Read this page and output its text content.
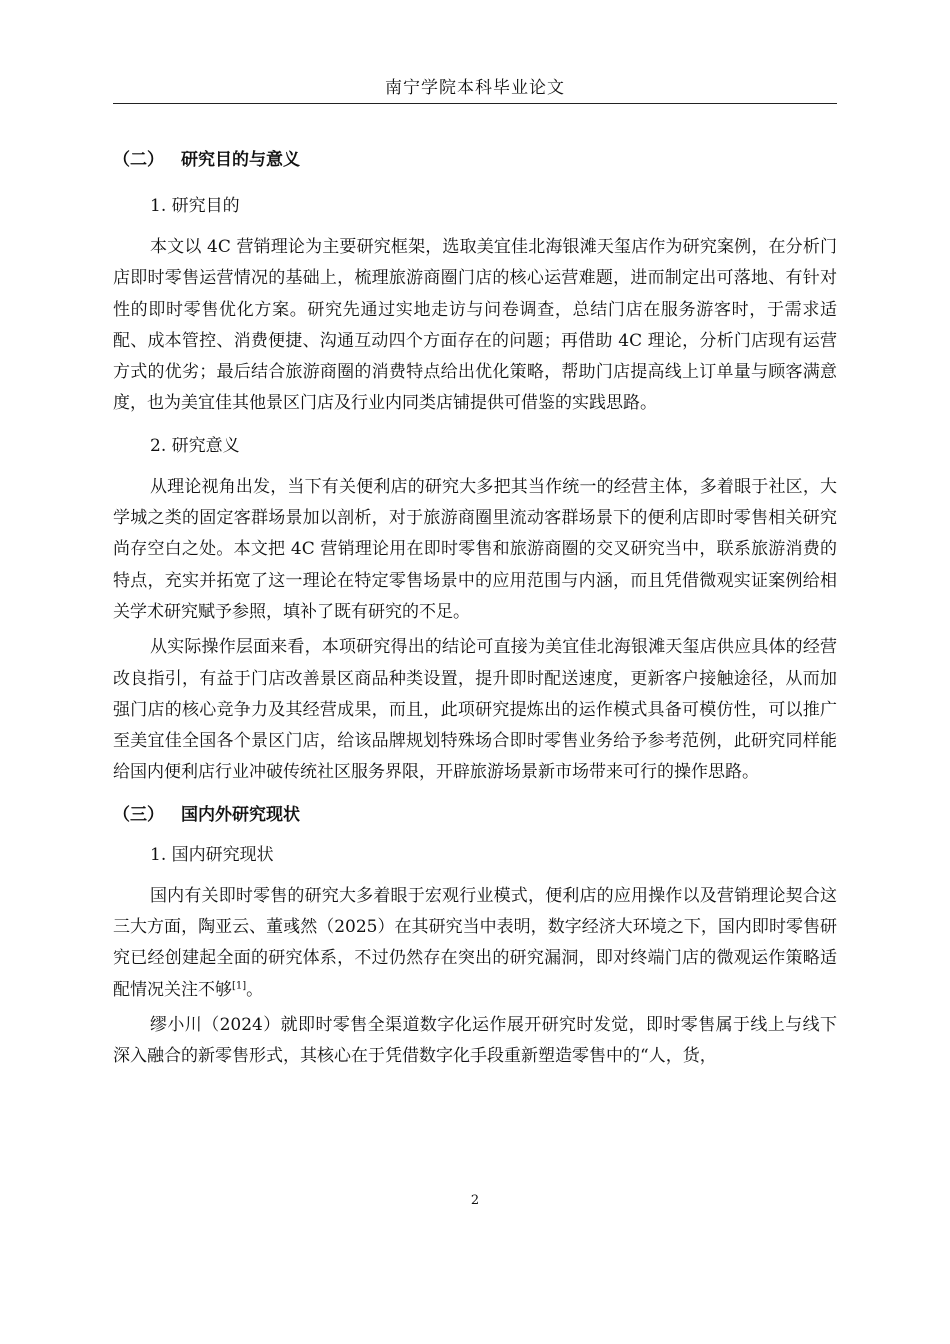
南宁学院本科毕业论文
（二） 研究目的与意义
1. 研究目的

本文以 4C 营销理论为主要研究框架，选取美宜佳北海银滩天玺店作为研究案例，在分析门店即时零售运营情况的基础上，梳理旅游商圈门店的核心运营难题，进而制定出可落地、有针对性的即时零售优化方案。研究先通过实地走访与问卷调查，总结门店在服务游客时，于需求适配、成本管控、消费便捷、沟通互动四个方面存在的问题；再借助 4C 理论，分析门店现有运营方式的优劣；最后结合旅游商圈的消费特点给出优化策略，帮助门店提高线上订单量与顾客满意度，也为美宜佳其他景区门店及行业内同类店铺提供可借鉴的实践思路。

2. 研究意义

从理论视角出发，当下有关便利店的研究大多把其当作统一的经营主体，多着眼于社区，大学城之类的固定客群场景加以剖析，对于旅游商圈里流动客群场景下的便利店即时零售相关研究尚存空白之处。本文把 4C 营销理论用在即时零售和旅游商圈的交叉研究当中，联系旅游消费的特点，充实并拓宽了这一理论在特定零售场景中的应用范围与内涵，而且凭借微观实证案例给相关学术研究赋予参照，填补了既有研究的不足。

从实际操作层面来看，本项研究得出的结论可直接为美宜佳北海银滩天玺店供应具体的经营改良指引，有益于门店改善景区商品种类设置，提升即时配送速度，更新客户接触途径，从而加强门店的核心竞争力及其经营成果，而且，此项研究提炼出的运作模式具备可模仿性，可以推广至美宜佳全国各个景区门店，给该品牌规划特殊场合即时零售业务给予参考范例，此研究同样能给国内便利店行业冲破传统社区服务界限，开辟旅游场景新市场带来可行的操作思路。

（三） 国内外研究现状
1. 国内研究现状

国内有关即时零售的研究大多着眼于宏观行业模式，便利店的应用操作以及营销理论契合这三大方面，陶亚云、董彧然（2025）在其研究当中表明，数字经济大环境之下，国内即时零售研究已经创建起全面的研究体系，不过仍然存在突出的研究漏洞，即对终端门店的微观运作策略适配情况关注不够[1]。

缪小川（2024）就即时零售全渠道数字化运作展开研究时发觉，即时零售属于线上与线下深入融合的新零售形式，其核心在于凭借数字化手段重新塑造零售中的“人，货，

2
